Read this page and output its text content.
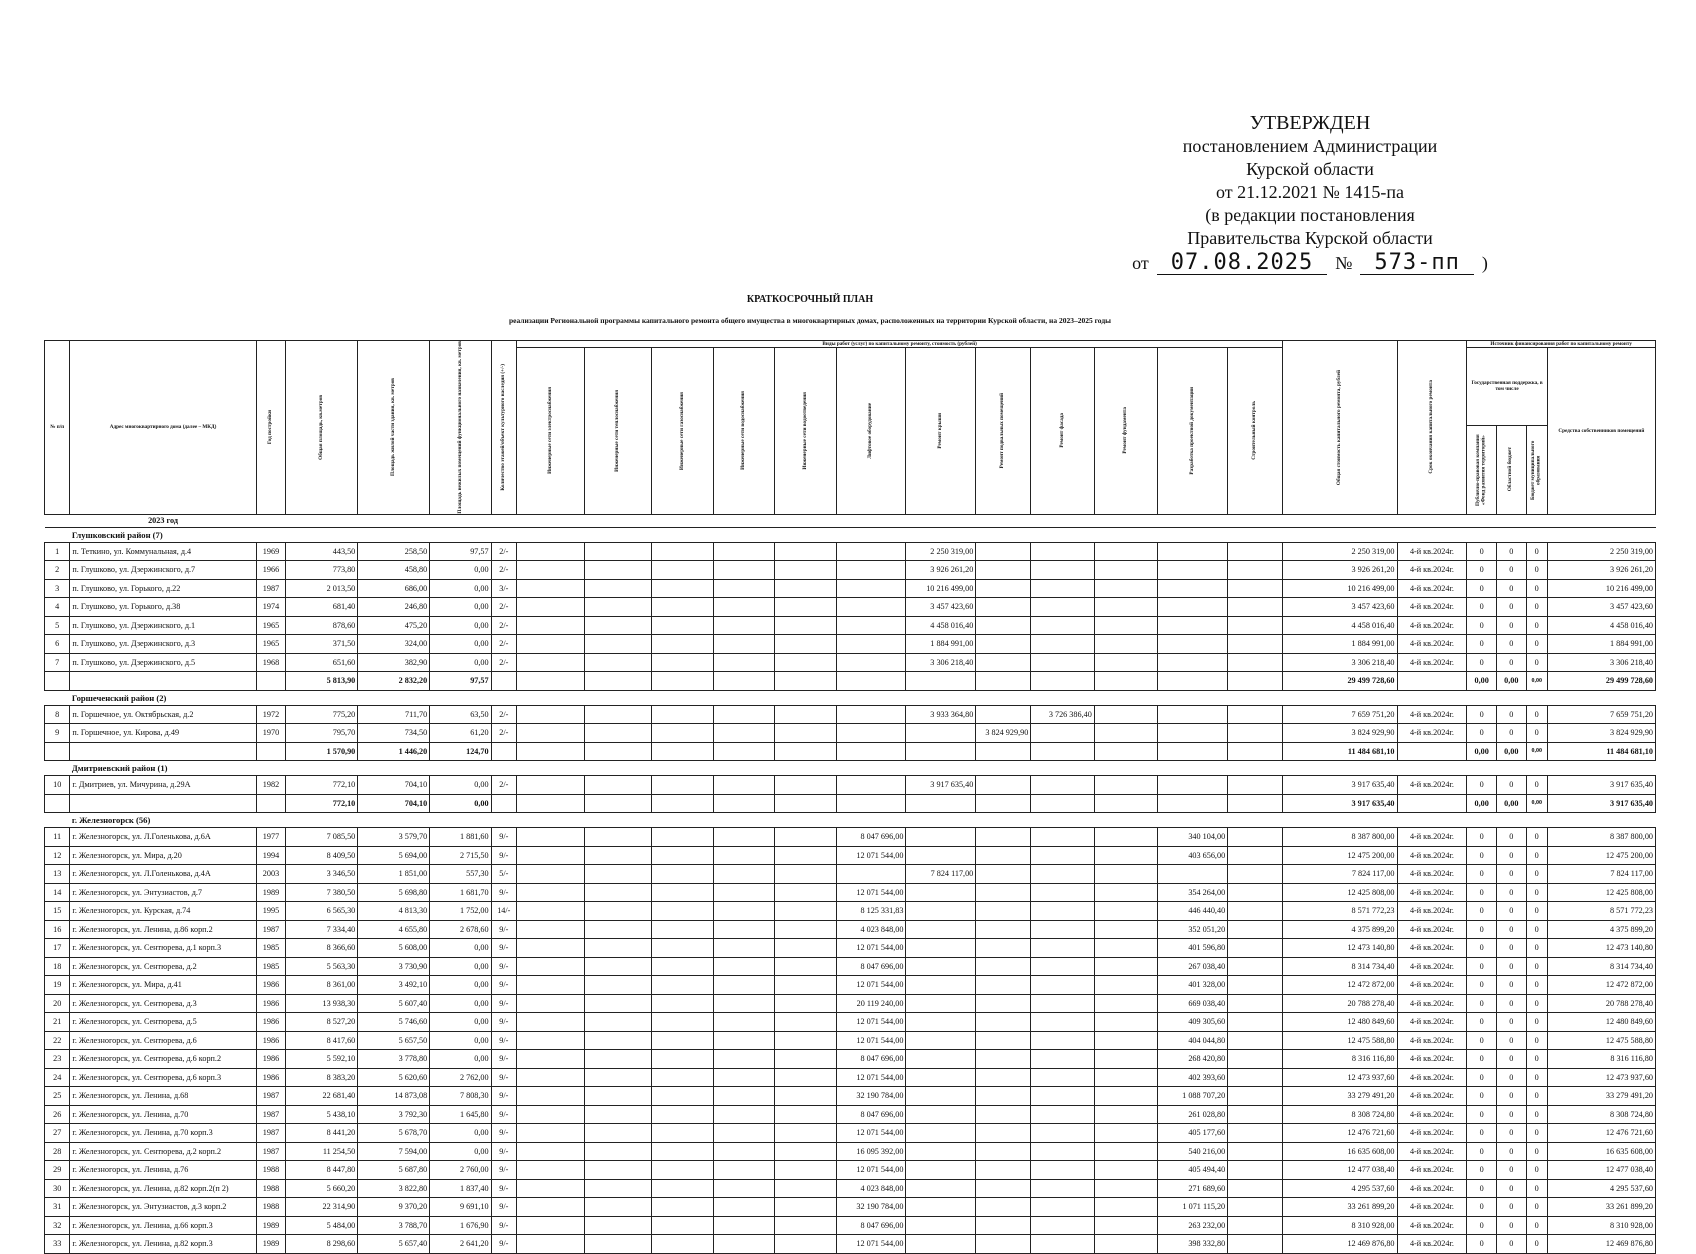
УТВЕРЖДЕН
постановлением Администрации
Курской области
от 21.12.2021 № 1415-па
(в редакции постановления
Правительства Курской области
от	07.08.2025	№	573-пп	)
КРАТКОСРОЧНЫЙ ПЛАН
реализации Региональной программы капитального ремонта общего имущества в многоквартирных домах, расположенных на территории Курской области, на 2023–2025 годы
№ п/п	Адрес многоквартирного дома (далее – МКД)	Год постройки	Общая площадь, кв.метров	Площадь жилой части здания, кв. метров	Площадь нежилых помещений функционального назначения, кв. метров	Количество этажей/объект культурного наследия (+/-)	Виды работ (услуг) по капитальному ремонту, стоимость (рублей)												Общая стоимость капитального ремонта, рублей	Срок окончания капитального ремонта	Источник финансирования работ по капитальному ремонту			

							Инженерные сети электроснабжения	Инженерные сети теплоснабжения	Инженерные сети газоснабжения	Инженерные сети водоснабжения	Инженерные сети водоотведения	Лифтовое оборудование	Ремонт крыши	Ремонт подвальных помещений	Ремонт фасада	Ремонт фундамента	Разработка проектной документации	Строительный контроль			Государственная поддержка, в том числе			Средства собственников помещений

																					Публично-правовая компания «Фонд развития территорий»	Областной бюджет	Бюджет муниципального образования	

	2023 год																							
	Глушковский район (7)																							
1	п. Теткино, ул. Коммунальная, д.4	1969	443,50	258,50	97,57	2/-							2 250 319,00						2 250 319,00	4-й кв.2024г.	0	0	0	2 250 319,00
2	п. Глушково, ул. Дзержинского, д.7	1966	773,80	458,80	0,00	2/-							3 926 261,20						3 926 261,20	4-й кв.2024г.	0	0	0	3 926 261,20
3	п. Глушково, ул. Горького, д.22	1987	2 013,50	686,00	0,00	3/-							10 216 499,00						10 216 499,00	4-й кв.2024г.	0	0	0	10 216 499,00
4	п. Глушково, ул. Горького, д.38	1974	681,40	246,80	0,00	2/-							3 457 423,60						3 457 423,60	4-й кв.2024г.	0	0	0	3 457 423,60
5	п. Глушково, ул. Дзержинского, д.1	1965	878,60	475,20	0,00	2/-							4 458 016,40						4 458 016,40	4-й кв.2024г.	0	0	0	4 458 016,40
6	п. Глушково, ул. Дзержинского, д.3	1965	371,50	324,00	0,00	2/-							1 884 991,00						1 884 991,00	4-й кв.2024г.	0	0	0	1 884 991,00
7	п. Глушково, ул. Дзержинского, д.5	1968	651,60	382,90	0,00	2/-							3 306 218,40						3 306 218,40	4-й кв.2024г.	0	0	0	3 306 218,40
			5 813,90	2 832,20	97,57														29 499 728,60		0,00	0,00	0,00	29 499 728,60
	Горшеченский район (2)																							
8	п. Горшечное, ул. Октябрьская, д.2	1972	775,20	711,70	63,50	2/-							3 933 364,80		3 726 386,40				7 659 751,20	4-й кв.2024г.	0	0	0	7 659 751,20
9	п. Горшечное, ул. Кирова, д.49	1970	795,70	734,50	61,20	2/-								3 824 929,90					3 824 929,90	4-й кв.2024г.	0	0	0	3 824 929,90
			1 570,90	1 446,20	124,70														11 484 681,10		0,00	0,00	0,00	11 484 681,10
	Дмитриевский район (1)																							
10	г. Дмитриев, ул. Мичурина, д.29А	1982	772,10	704,10	0,00	2/-							3 917 635,40						3 917 635,40	4-й кв.2024г.	0	0	0	3 917 635,40
			772,10	704,10	0,00														3 917 635,40		0,00	0,00	0,00	3 917 635,40
	г. Железногорск (56)																							
11	г. Железногорск, ул. Л.Голенькова, д.6А	1977	7 085,50	3 579,70	1 881,60	9/-						8 047 696,00					340 104,00		8 387 800,00	4-й кв.2024г.	0	0	0	8 387 800,00
12	г. Железногорск, ул. Мира, д.20	1994	8 409,50	5 694,00	2 715,50	9/-						12 071 544,00					403 656,00		12 475 200,00	4-й кв.2024г.	0	0	0	12 475 200,00
13	г. Железногорск, ул. Л.Голенькова, д.4А	2003	3 346,50	1 851,00	557,30	5/-							7 824 117,00						7 824 117,00	4-й кв.2024г.	0	0	0	7 824 117,00
14	г. Железногорск, ул. Энтузиастов, д.7	1989	7 380,50	5 698,80	1 681,70	9/-						12 071 544,00					354 264,00		12 425 808,00	4-й кв.2024г.	0	0	0	12 425 808,00
15	г. Железногорск, ул. Курская, д.74	1995	6 565,30	4 813,30	1 752,00	14/-						8 125 331,83					446 440,40		8 571 772,23	4-й кв.2024г.	0	0	0	8 571 772,23
16	г. Железногорск, ул. Ленина, д.86 корп.2	1987	7 334,40	4 655,80	2 678,60	9/-						4 023 848,00					352 051,20		4 375 899,20	4-й кв.2024г.	0	0	0	4 375 899,20
17	г. Железногорск, ул. Сентюрева, д.1 корп.3	1985	8 366,60	5 608,00	0,00	9/-						12 071 544,00					401 596,80		12 473 140,80	4-й кв.2024г.	0	0	0	12 473 140,80
18	г. Железногорск, ул. Сентюрева, д.2	1985	5 563,30	3 730,90	0,00	9/-						8 047 696,00					267 038,40		8 314 734,40	4-й кв.2024г.	0	0	0	8 314 734,40
19	г. Железногорск, ул. Мира, д.41	1986	8 361,00	3 492,10	0,00	9/-						12 071 544,00					401 328,00		12 472 872,00	4-й кв.2024г.	0	0	0	12 472 872,00
20	г. Железногорск, ул. Сентюрева, д.3	1986	13 938,30	5 607,40	0,00	9/-						20 119 240,00					669 038,40		20 788 278,40	4-й кв.2024г.	0	0	0	20 788 278,40
21	г. Железногорск, ул. Сентюрева, д.5	1986	8 527,20	5 746,60	0,00	9/-						12 071 544,00					409 305,60		12 480 849,60	4-й кв.2024г.	0	0	0	12 480 849,60
22	г. Железногорск, ул. Сентюрева, д.6	1986	8 417,60	5 657,50	0,00	9/-						12 071 544,00					404 044,80		12 475 588,80	4-й кв.2024г.	0	0	0	12 475 588,80
23	г. Железногорск, ул. Сентюрева, д.6 корп.2	1986	5 592,10	3 778,80	0,00	9/-						8 047 696,00					268 420,80		8 316 116,80	4-й кв.2024г.	0	0	0	8 316 116,80
24	г. Железногорск, ул. Сентюрева, д.6 корп.3	1986	8 383,20	5 620,60	2 762,00	9/-						12 071 544,00					402 393,60		12 473 937,60	4-й кв.2024г.	0	0	0	12 473 937,60
25	г. Железногорск, ул. Ленина, д.68	1987	22 681,40	14 873,08	7 808,30	9/-						32 190 784,00					1 088 707,20		33 279 491,20	4-й кв.2024г.	0	0	0	33 279 491,20
26	г. Железногорск, ул. Ленина, д.70	1987	5 438,10	3 792,30	1 645,80	9/-						8 047 696,00					261 028,80		8 308 724,80	4-й кв.2024г.	0	0	0	8 308 724,80
27	г. Железногорск, ул. Ленина, д.70 корп.3	1987	8 441,20	5 678,70	0,00	9/-						12 071 544,00					405 177,60		12 476 721,60	4-й кв.2024г.	0	0	0	12 476 721,60
28	г. Железногорск, ул. Сентюрева, д.2 корп.2	1987	11 254,50	7 594,00	0,00	9/-						16 095 392,00					540 216,00		16 635 608,00	4-й кв.2024г.	0	0	0	16 635 608,00
29	г. Железногорск, ул. Ленина, д.76	1988	8 447,80	5 687,80	2 760,00	9/-						12 071 544,00					405 494,40		12 477 038,40	4-й кв.2024г.	0	0	0	12 477 038,40
30	г. Железногорск, ул. Ленина, д.82 корп.2(п 2)	1988	5 660,20	3 822,80	1 837,40	9/-						4 023 848,00					271 689,60		4 295 537,60	4-й кв.2024г.	0	0	0	4 295 537,60
31	г. Железногорск, ул. Энтузиастов, д.3 корп.2	1988	22 314,90	9 370,20	9 691,10	9/-						32 190 784,00					1 071 115,20		33 261 899,20	4-й кв.2024г.	0	0	0	33 261 899,20
32	г. Железногорск, ул. Ленина, д.66 корп.3	1989	5 484,00	3 788,70	1 676,90	9/-						8 047 696,00					263 232,00		8 310 928,00	4-й кв.2024г.	0	0	0	8 310 928,00
33	г. Железногорск, ул. Ленина, д.82 корп.3	1989	8 298,60	5 657,40	2 641,20	9/-						12 071 544,00					398 332,80		12 469 876,80	4-й кв.2024г.	0	0	0	12 469 876,80
